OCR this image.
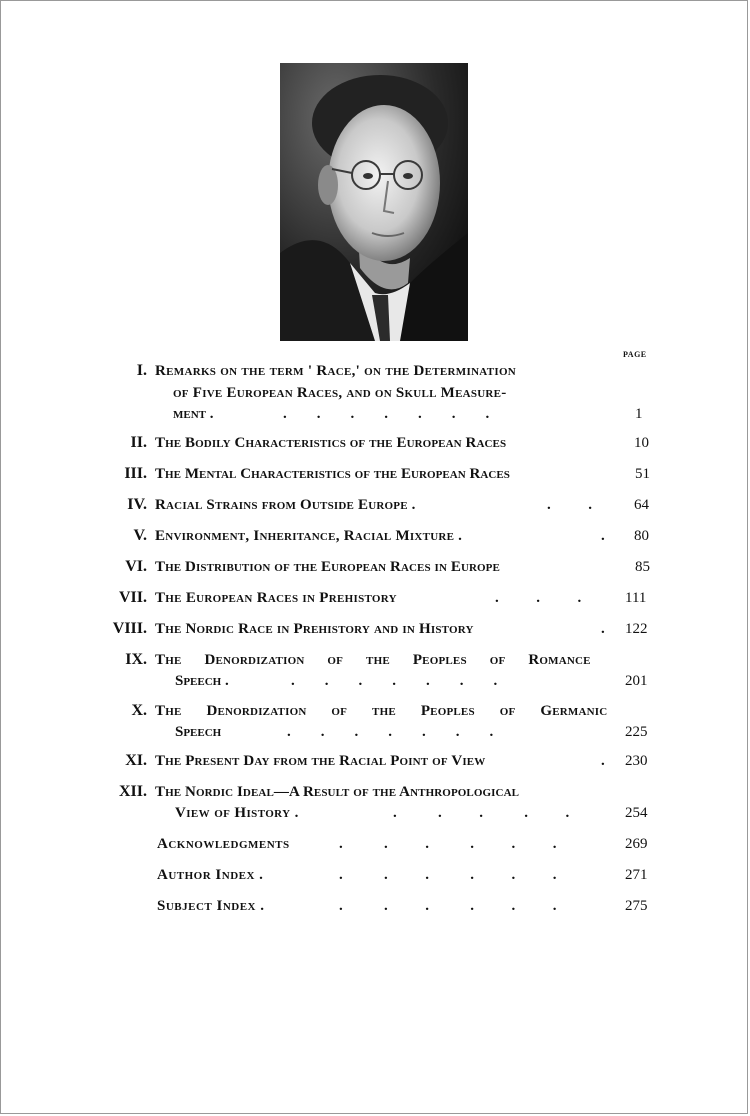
PAGE
I. Remarks on the term ' Race,' on the Determination
of Five European Races, and on Skull Measure-
ment .	.        .        .        .        .        .        .	1
II. The Bodily Characteristics of the European Races	10
III. The Mental Characteristics of the European Races	51
IV. Racial Strains from Outside Europe .	.          .	64
V. Environment, Inheritance, Racial Mixture .	. 80
VI. The Distribution of the European Races in Europe	85
VII. The European Races in Prehistory	.          .          .	111
VIII. The Nordic Race in Prehistory and in History	. 122
IX. The Denordization of the Peoples of Romance
Speech .	.        .        .        .        .        .        .	201
X. The Denordization of the Peoples of Germanic
Speech	.        .        .        .        .        .        .	225
XI. The Present Day from the Racial Point of View	. 230
XII. The Nordic Ideal—A Result of the Anthropological
View of History .	.           .          .           .          .	254
Acknowledgments	.           .          .           .          .          .	269
Author Index .	.           .          .           .          .          .	271
Subject Index .	.           .          .           .          .          .	275
